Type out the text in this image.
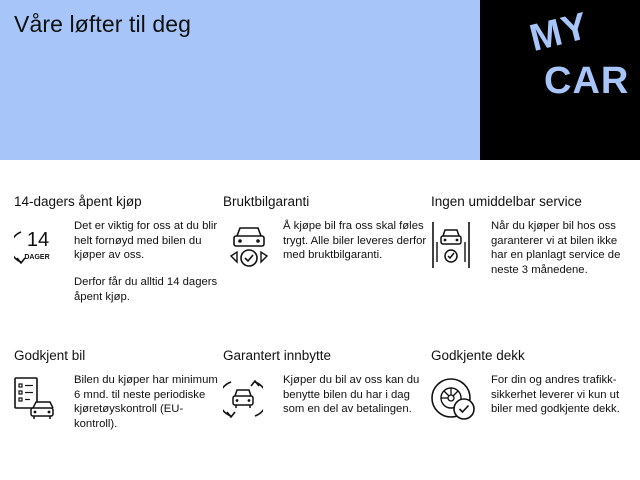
Våre løfter til deg	MY
CAR
14-dagers åpent kjøp
14
DAGER

Det er viktig for oss at du blir helt fornøyd med bilen du kjøper av oss.

Derfor får du alltid 14 dagers åpent kjøp.

Bruktbilgaranti

Å kjøpe bil fra oss skal føles trygt. Alle biler leveres derfor med bruktbilgaranti.

Ingen umiddelbar service

Når du kjøper bil hos oss garanterer vi at bilen ikke har en planlagt service de neste 3 månedene.

Godkjent bil

Bilen du kjøper har minimum 6 mnd. til neste periodiske kjøretøyskontroll (EU-kontroll).

Garantert innbytte

Kjøper du bil av oss kan du benytte bilen du har i dag som en del av betalingen.

Godkjente dekk

For din og andres trafikk-sikkerhet leverer vi kun ut biler med godkjente dekk.
